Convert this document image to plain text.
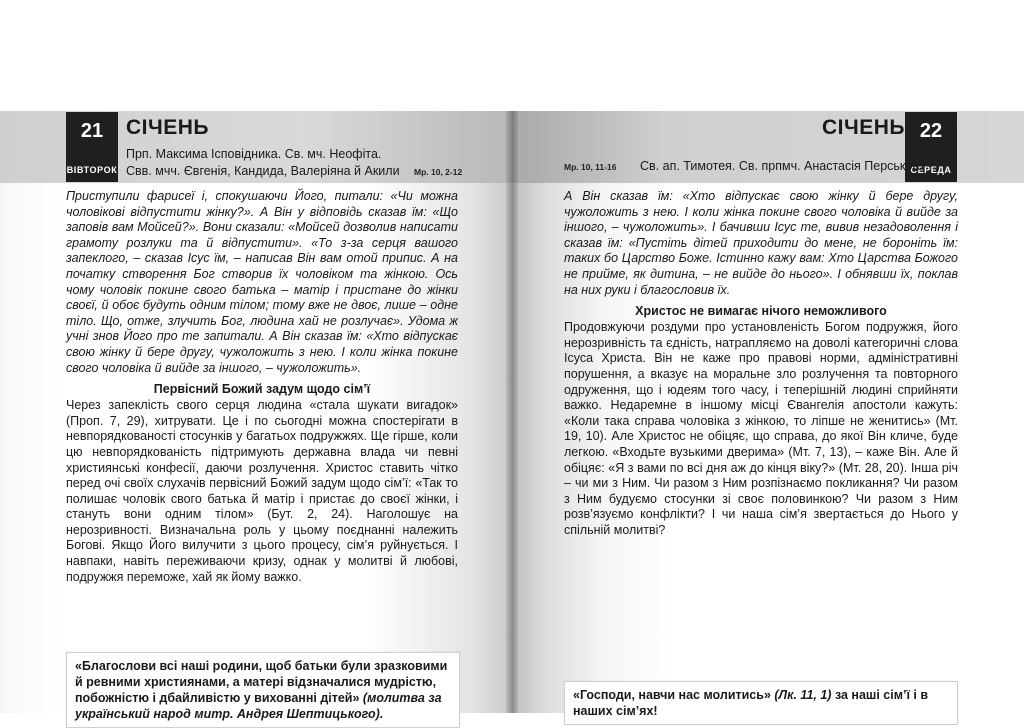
21
ВІВТОРОК
СІЧЕНЬ
Прп. Максима Ісповідника. Св. мч. Неофіта.
Свв. мчч. Євгенія, Кандида, Валеріяна й Акили Мр. 10, 2-12

Приступили фарисеї і, спокушаючи Його, питали: «Чи можна чоловікові відпустити жінку?». А Він у відповідь сказав їм: «Що заповів вам Мойсей?». Вони сказали: «Мойсей дозволив написати грамоту розлуки та й відпустити». «То з-за серця вашого запеклого, – сказав Ісус їм, – написав Він вам отой припис. А на початку створення Бог створив їх чоловіком та жінкою. Ось чому чоловік покине свого батька – матір і пристане до жінки своєї, й обоє будуть одним тілом; тому вже не двоє, лише – одне тіло. Що, отже, злучить Бог, людина хай не розлучає». Удома ж учні знов Його про те запитали. А Він сказав їм: «Хто відпускає свою жінку й бере другу, чужоложить з нею. І коли жінка покине свого чоловіка й вийде за іншого, – чужоложить».

Первісний Божий задум щодо сім’ї

Через запеклість свого серця людина «стала шукати вигадок» (Проп. 7, 29), хитрувати. Це і по сьогодні можна спостерігати в невпорядкованості стосунків у багатьох подружжях. Ще гірше, коли цю невпорядкованість підтримують державна влада чи певні християнські конфесії, даючи розлучення. Христос ставить чітко перед очі своїх слухачів первісний Божий задум щодо сім’ї: «Так то полишає чоловік свого батька й матір і пристає до своєї жінки, і стануть вони одним тілом» (Бут. 2, 24). Наголошує на нерозривності. Визначальна роль у цьому поєднанні належить Богові. Якщо Його вилучити з цього процесу, сім’я руйнується. І навпаки, навіть переживаючи кризу, однак у молитві й любові, подружжя переможе, хай як йому важко.

«Благослови всі наші родини, щоб батьки були зразковими й ревними християнами, а матері відзначалися мудрістю, побожністю і дбайливістю у вихованні дітей» (молитва за український народ митр. Андрея Шептицького).
СІЧЕНЬ 22
СЕРЕДА
Мр. 10, 11-16 Св. ап. Тимотея. Св. прпмч. Анастасія Перського

А Він сказав їм: «Хто відпускає свою жінку й бере другу, чужоложить з нею. І коли жінка покине свого чоловіка й вийде за іншого, – чужоложить». І бачивши Ісус те, вивив незадоволення і сказав їм: «Пустіть дітей приходити до мене, не бороніть їм: таких бо Царство Боже. Істинно кажу вам: Хто Царства Божого не прийме, як дитина, – не вийде до нього». І обнявши їх, поклав на них руки і благословив їх.

Христос не вимагає нічого неможливого

Продовжуючи роздуми про установленість Богом подружжя, його нерозривність та єдність, натрапляємо на доволі категоричні слова Ісуса Христа. Він не каже про правові норми, адміністративні порушення, а вказує на моральне зло розлучення та повторного одруження, що і юдеям того часу, і теперішній людині сприйняти важко. Недаремне в іншому місці Євангелія апостоли кажуть: «Коли така справа чоловіка з жінкою, то ліпше не женитись» (Мт. 19, 10). Але Христос не обіцяє, що справа, до якої Він кличе, буде легкою. «Входьте вузькими дверима» (Мт. 7, 13), – каже Він. Але й обіцяє: «Я з вами по всі дня аж до кінця віку?» (Мт. 28, 20). Інша річ – чи ми з Ним. Чи разом з Ним розпізнаємо покликання? Чи разом з Ним будуємо стосунки зі своє половинкою? Чи разом з Ним розв’язуємо конфлікти? І чи наша сім’я звертається до Нього у спільній молитві?

«Господи, навчи нас молитись» (Лк. 11, 1) за наші сім’ї і в наших сім’ях!
